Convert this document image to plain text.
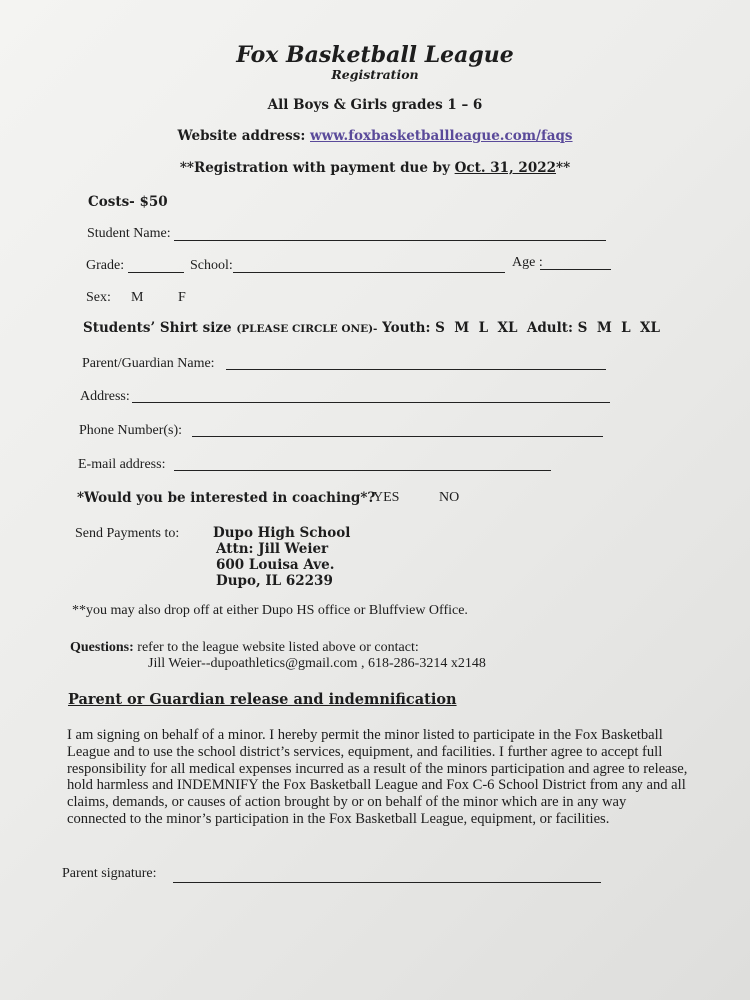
Fox Basketball League
Registration
All Boys & Girls grades 1 – 6
Website address: www.foxbasketballleague.com/faqs
**Registration with payment due by Oct. 31, 2022**
Costs- $50
Student Name:
Grade:	School:	Age :
Sex: M F
Students’ Shirt size (PLEASE CIRCLE ONE)- Youth: S  M  L  XL  Adult: S  M  L  XL
Parent/Guardian Name:
Address:
Phone Number(s):
E-mail address:
*Would you be interested in coaching*?
YES	NO
Send Payments to:	Dupo High School
Attn: Jill Weier
600 Louisa Ave.
Dupo, IL 62239
**you may also drop off at either Dupo HS office or Bluffview Office.
Questions: refer to the league website listed above or contact:
Jill Weier--dupoathletics@gmail.com , 618-286-3214 x2148
Parent or Guardian release and indemnification
I am signing on behalf of a minor. I hereby permit the minor listed to participate in the Fox Basketball League and to use the school district’s services, equipment, and facilities. I further agree to accept full responsibility for all medical expenses incurred as a result of the minors participation and agree to release, hold harmless and INDEMNIFY the Fox Basketball League and Fox C-6 School District from any and all claims, demands, or causes of action brought by or on behalf of the minor which are in any way connected to the minor’s participation in the Fox Basketball League, equipment, or facilities.
Parent signature:
